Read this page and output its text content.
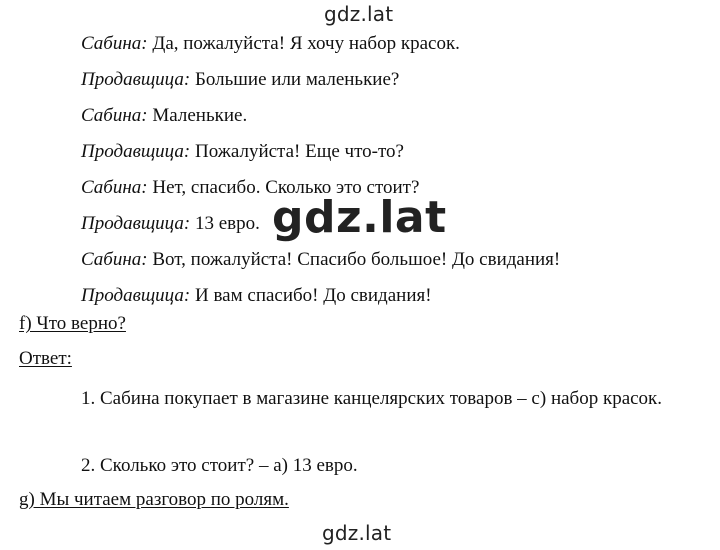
gdz.lat
Сабина : Да, пожалуйста! Я хочу набор красок.
Продавщица : Большие или маленькие?
Сабина : Маленькие.
Продавщица : Пожалуйста! Еще что-то?
Сабина : Нет, спасибо. Сколько это стоит?
Продавщица : 13 евро.
Сабина : Вот, пожалуйста! Спасибо большое! До свидания!
Продавщица : И вам спасибо! До свидания!
gdz.lat
f) Что верно?
Ответ:
1. Сабина покупает в магазине канцелярских товаров – c) набор красок.
2. Сколько это стоит? – a) 13 евро.
g) Мы читаем разговор по ролям.
gdz.lat
